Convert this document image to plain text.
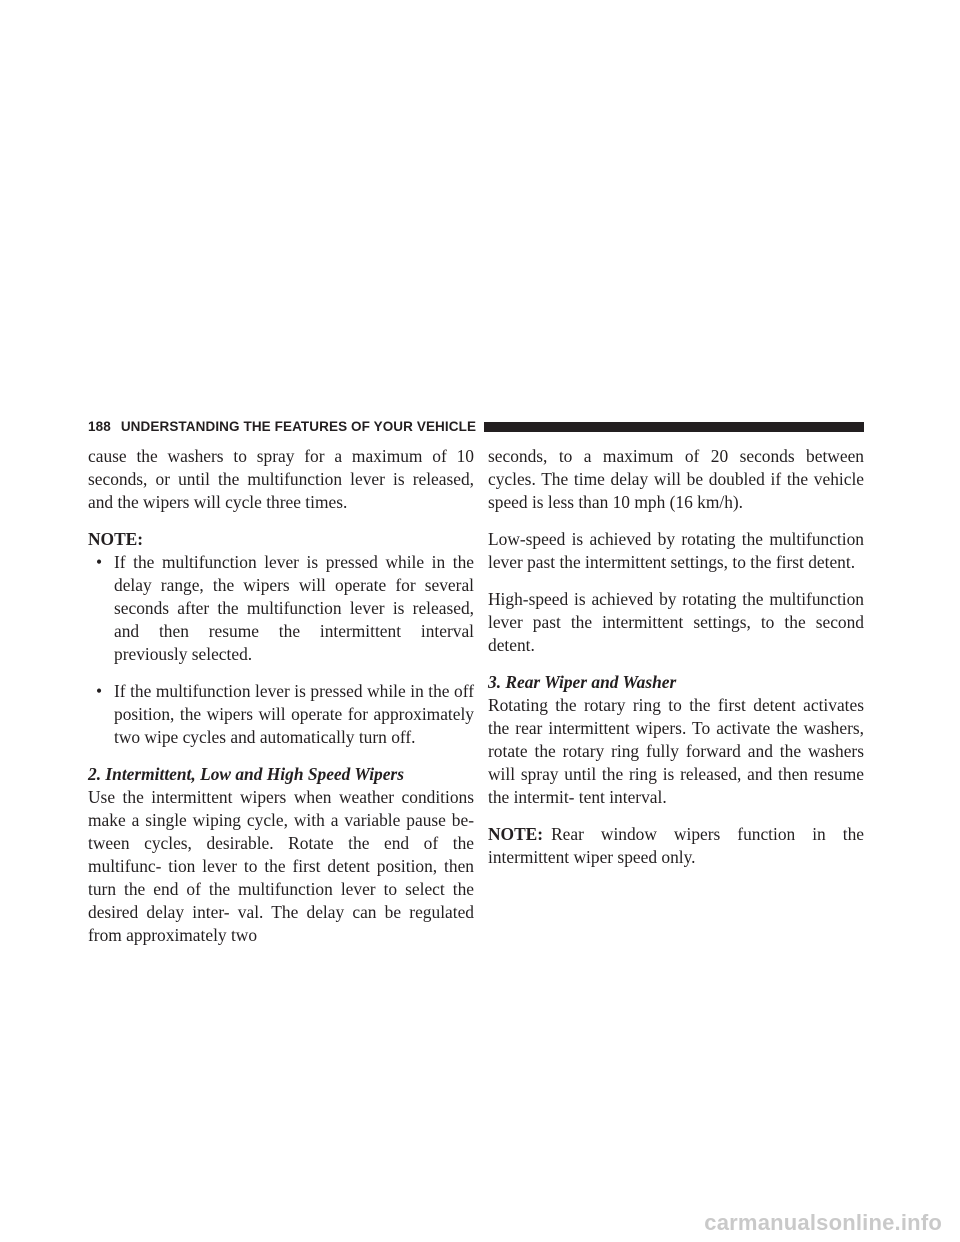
188 UNDERSTANDING THE FEATURES OF YOUR VEHICLE

cause the washers to spray for a maximum of 10 seconds, or until the multifunction lever is released, and the wipers will cycle three times.

NOTE:
• If the multifunction lever is pressed while in the delay range, the wipers will operate for several seconds after the multifunction lever is released, and then resume the intermittent interval previously selected.
• If the multifunction lever is pressed while in the off position, the wipers will operate for approximately two wipe cycles and automatically turn off.
2. Intermittent, Low and High Speed Wipers

Use the intermittent wipers when weather conditions make a single wiping cycle, with a variable pause be- tween cycles, desirable. Rotate the end of the multifunc- tion lever to the first detent position, then turn the end of the multifunction lever to select the desired delay inter- val. The delay can be regulated from approximately two

seconds, to a maximum of 20 seconds between cycles. The time delay will be doubled if the vehicle speed is less than 10 mph (16 km/h).

Low-speed is achieved by rotating the multifunction lever past the intermittent settings, to the first detent.

High-speed is achieved by rotating the multifunction lever past the intermittent settings, to the second detent.

3. Rear Wiper and Washer

Rotating the rotary ring to the first detent activates the rear intermittent wipers. To activate the washers, rotate the rotary ring fully forward and the washers will spray until the ring is released, and then resume the intermit- tent interval.

NOTE: Rear window wipers function in the intermittent wiper speed only.

carmanualsonline.info
